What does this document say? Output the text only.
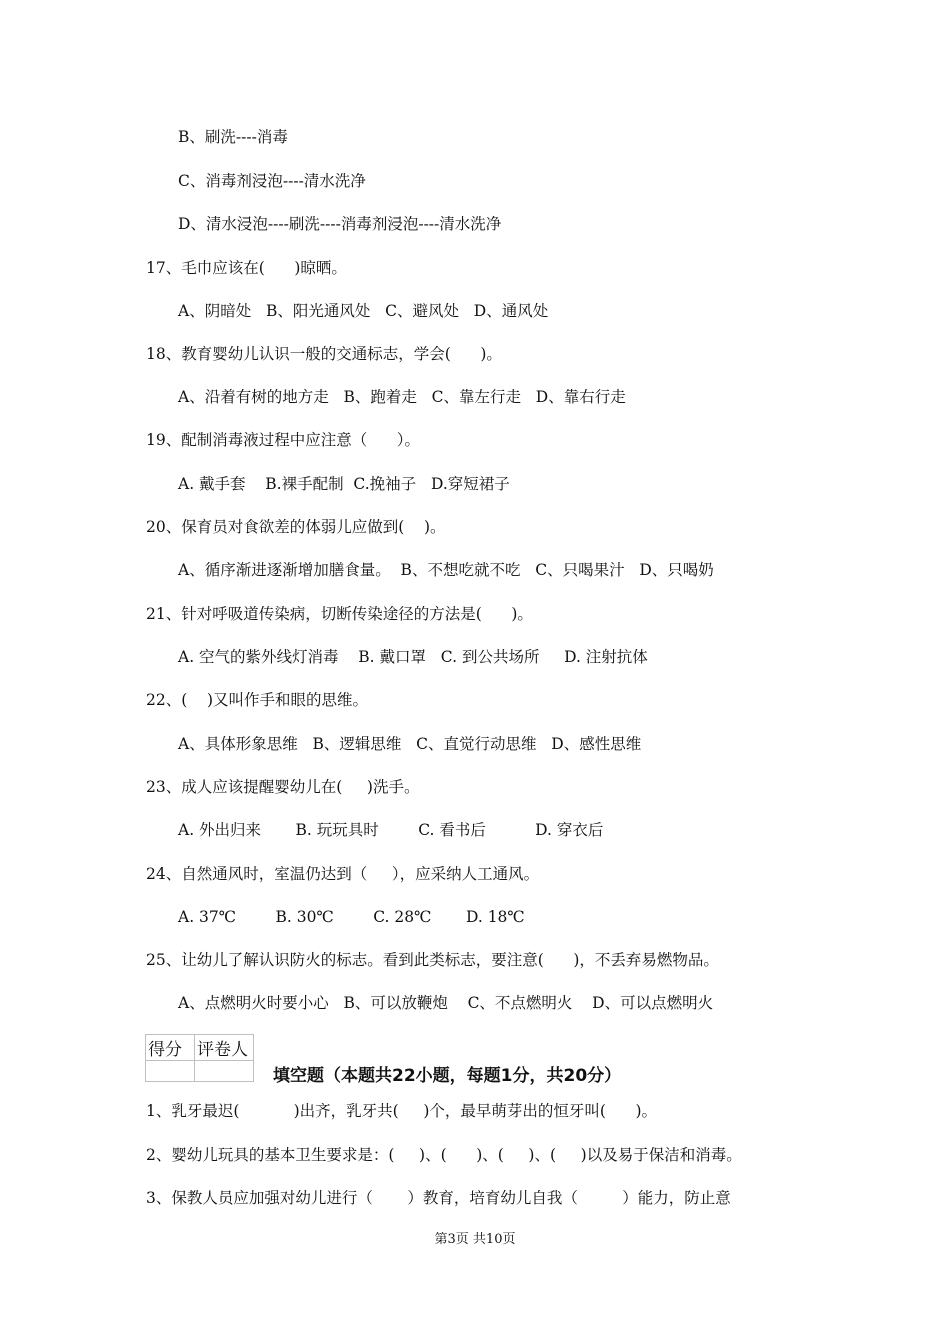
B、刷洗----消毒
C、消毒剂浸泡----清水洗净
D、清水浸泡----刷洗----消毒剂浸泡----清水洗净
17、毛巾应该在(      )晾晒。
A、阴暗处   B、阳光通风处   C、避风处   D、通风处
18、教育婴幼儿认识一般的交通标志，学会(      )。
A、沿着有树的地方走   B、跑着走   C、靠左行走   D、靠右行走
19、配制消毒液过程中应注意（      ）。
A. 戴手套    B.裸手配制  C.挽袖子   D.穿短裙子
20、保育员对食欲差的体弱儿应做到(    )。
A、循序渐进逐渐增加膳食量。  B、不想吃就不吃   C、只喝果汁   D、只喝奶
21、针对呼吸道传染病，切断传染途径的方法是(      )。
A. 空气的紫外线灯消毒    B. 戴口罩   C. 到公共场所     D. 注射抗体
22、(    )又叫作手和眼的思维。
A、具体形象思维   B、逻辑思维   C、直觉行动思维   D、感性思维
23、成人应该提醒婴幼儿在(     )洗手。
A. 外出归来       B. 玩玩具时        C. 看书后          D. 穿衣后
24、自然通风时，室温仍达到（     ），应采纳人工通风。
A. 37℃        B. 30℃        C. 28℃       D. 18℃
25、让幼儿了解认识防火的标志。看到此类标志，要注意(      )，不丢弃易燃物品。
A、点燃明火时要小心   B、可以放鞭炮    C、不点燃明火    D、可以点燃明火
得分	评卷人

填空题（本题共22小题，每题1分，共20分）
1、乳牙最迟(           )出齐，乳牙共(     )个，最早萌芽出的恒牙叫(      )。
2、婴幼儿玩具的基本卫生要求是：(     )、(      )、(     )、(     )以及易于保洁和消毒。
3、保教人员应加强对幼儿进行（       ）教育，培育幼儿自我（         ）能力，防止意
第3页 共10页
